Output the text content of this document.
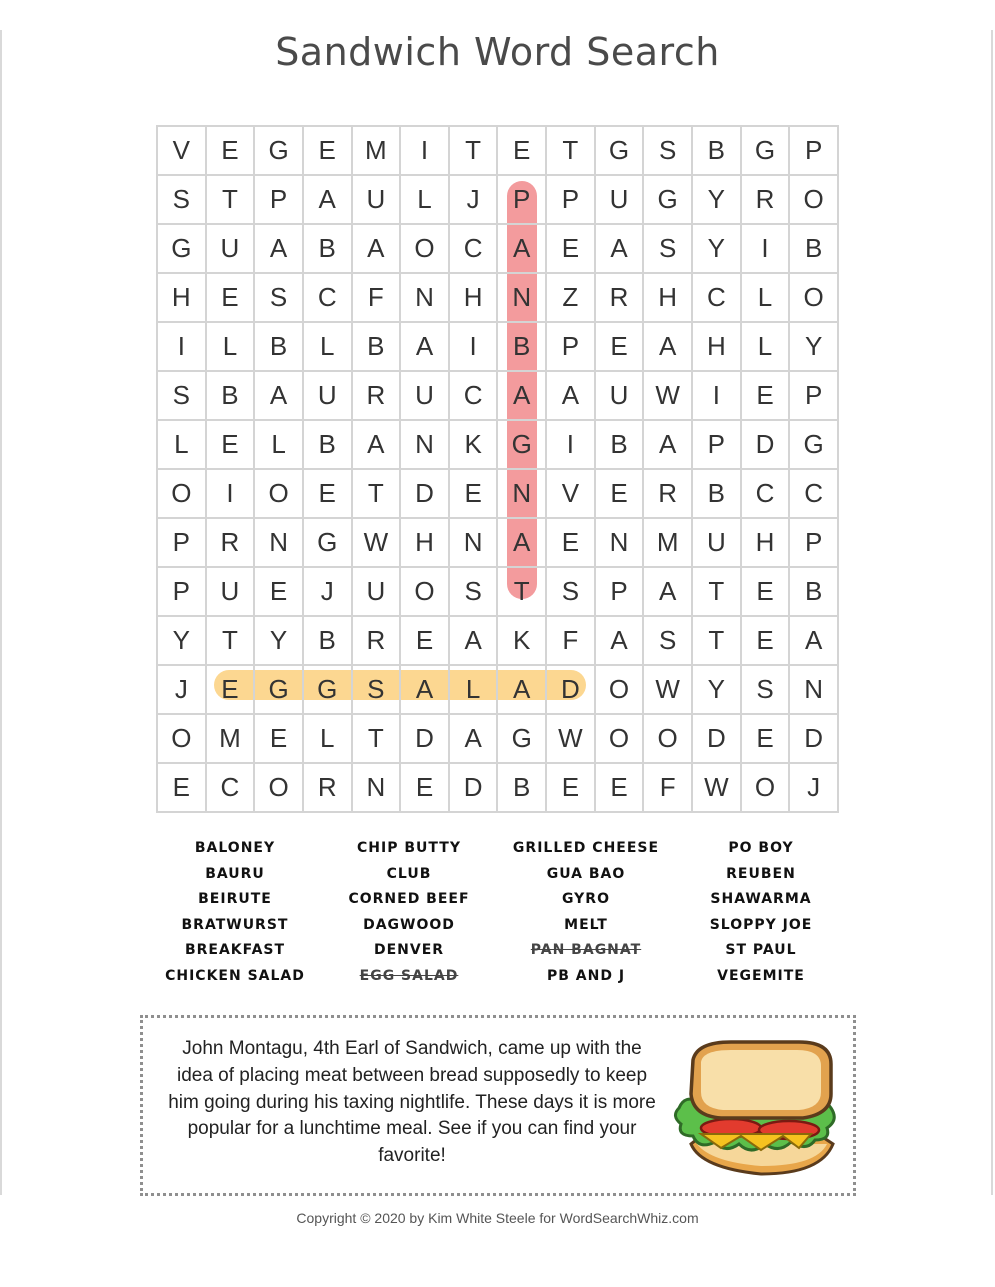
Sandwich Word Search
V	E	G	E	M	I	T	E	T	G	S	B	G	P
S	T	P	A	U	L	J	P	P	U	G	Y	R	O
G	U	A	B	A	O	C	A	E	A	S	Y	I	B
H	E	S	C	F	N	H	N	Z	R	H	C	L	O
I	L	B	L	B	A	I	B	P	E	A	H	L	Y
S	B	A	U	R	U	C	A	A	U	W	I	E	P
L	E	L	B	A	N	K	G	I	B	A	P	D	G
O	I	O	E	T	D	E	N	V	E	R	B	C	C
P	R	N	G	W	H	N	A	E	N	M	U	H	P
P	U	E	J	U	O	S	T	S	P	A	T	E	B
Y	T	Y	B	R	E	A	K	F	A	S	T	E	A
J	E	G	G	S	A	L	A	D	O	W	Y	S	N
O	M	E	L	T	D	A	G	W	O	O	D	E	D
E	C	O	R	N	E	D	B	E	E	F	W	O	J
BALONEY
BAURU
BEIRUTE
BRATWURST
BREAKFAST
CHICKEN SALAD
CHIP BUTTY
CLUB
CORNED BEEF
DAGWOOD
DENVER
EGG SALAD
GRILLED CHEESE
GUA BAO
GYRO
MELT
PAN BAGNAT
PB AND J
PO BOY
REUBEN
SHAWARMA
SLOPPY JOE
ST PAUL
VEGEMITE
John Montagu, 4th Earl of Sandwich, came up with the
idea of placing meat between bread supposedly to keep
him going during his taxing nightlife. These days it is more
popular for a lunchtime meal. See if you can find your
favorite!
Copyright © 2020 by Kim White Steele for WordSearchWhiz.com
